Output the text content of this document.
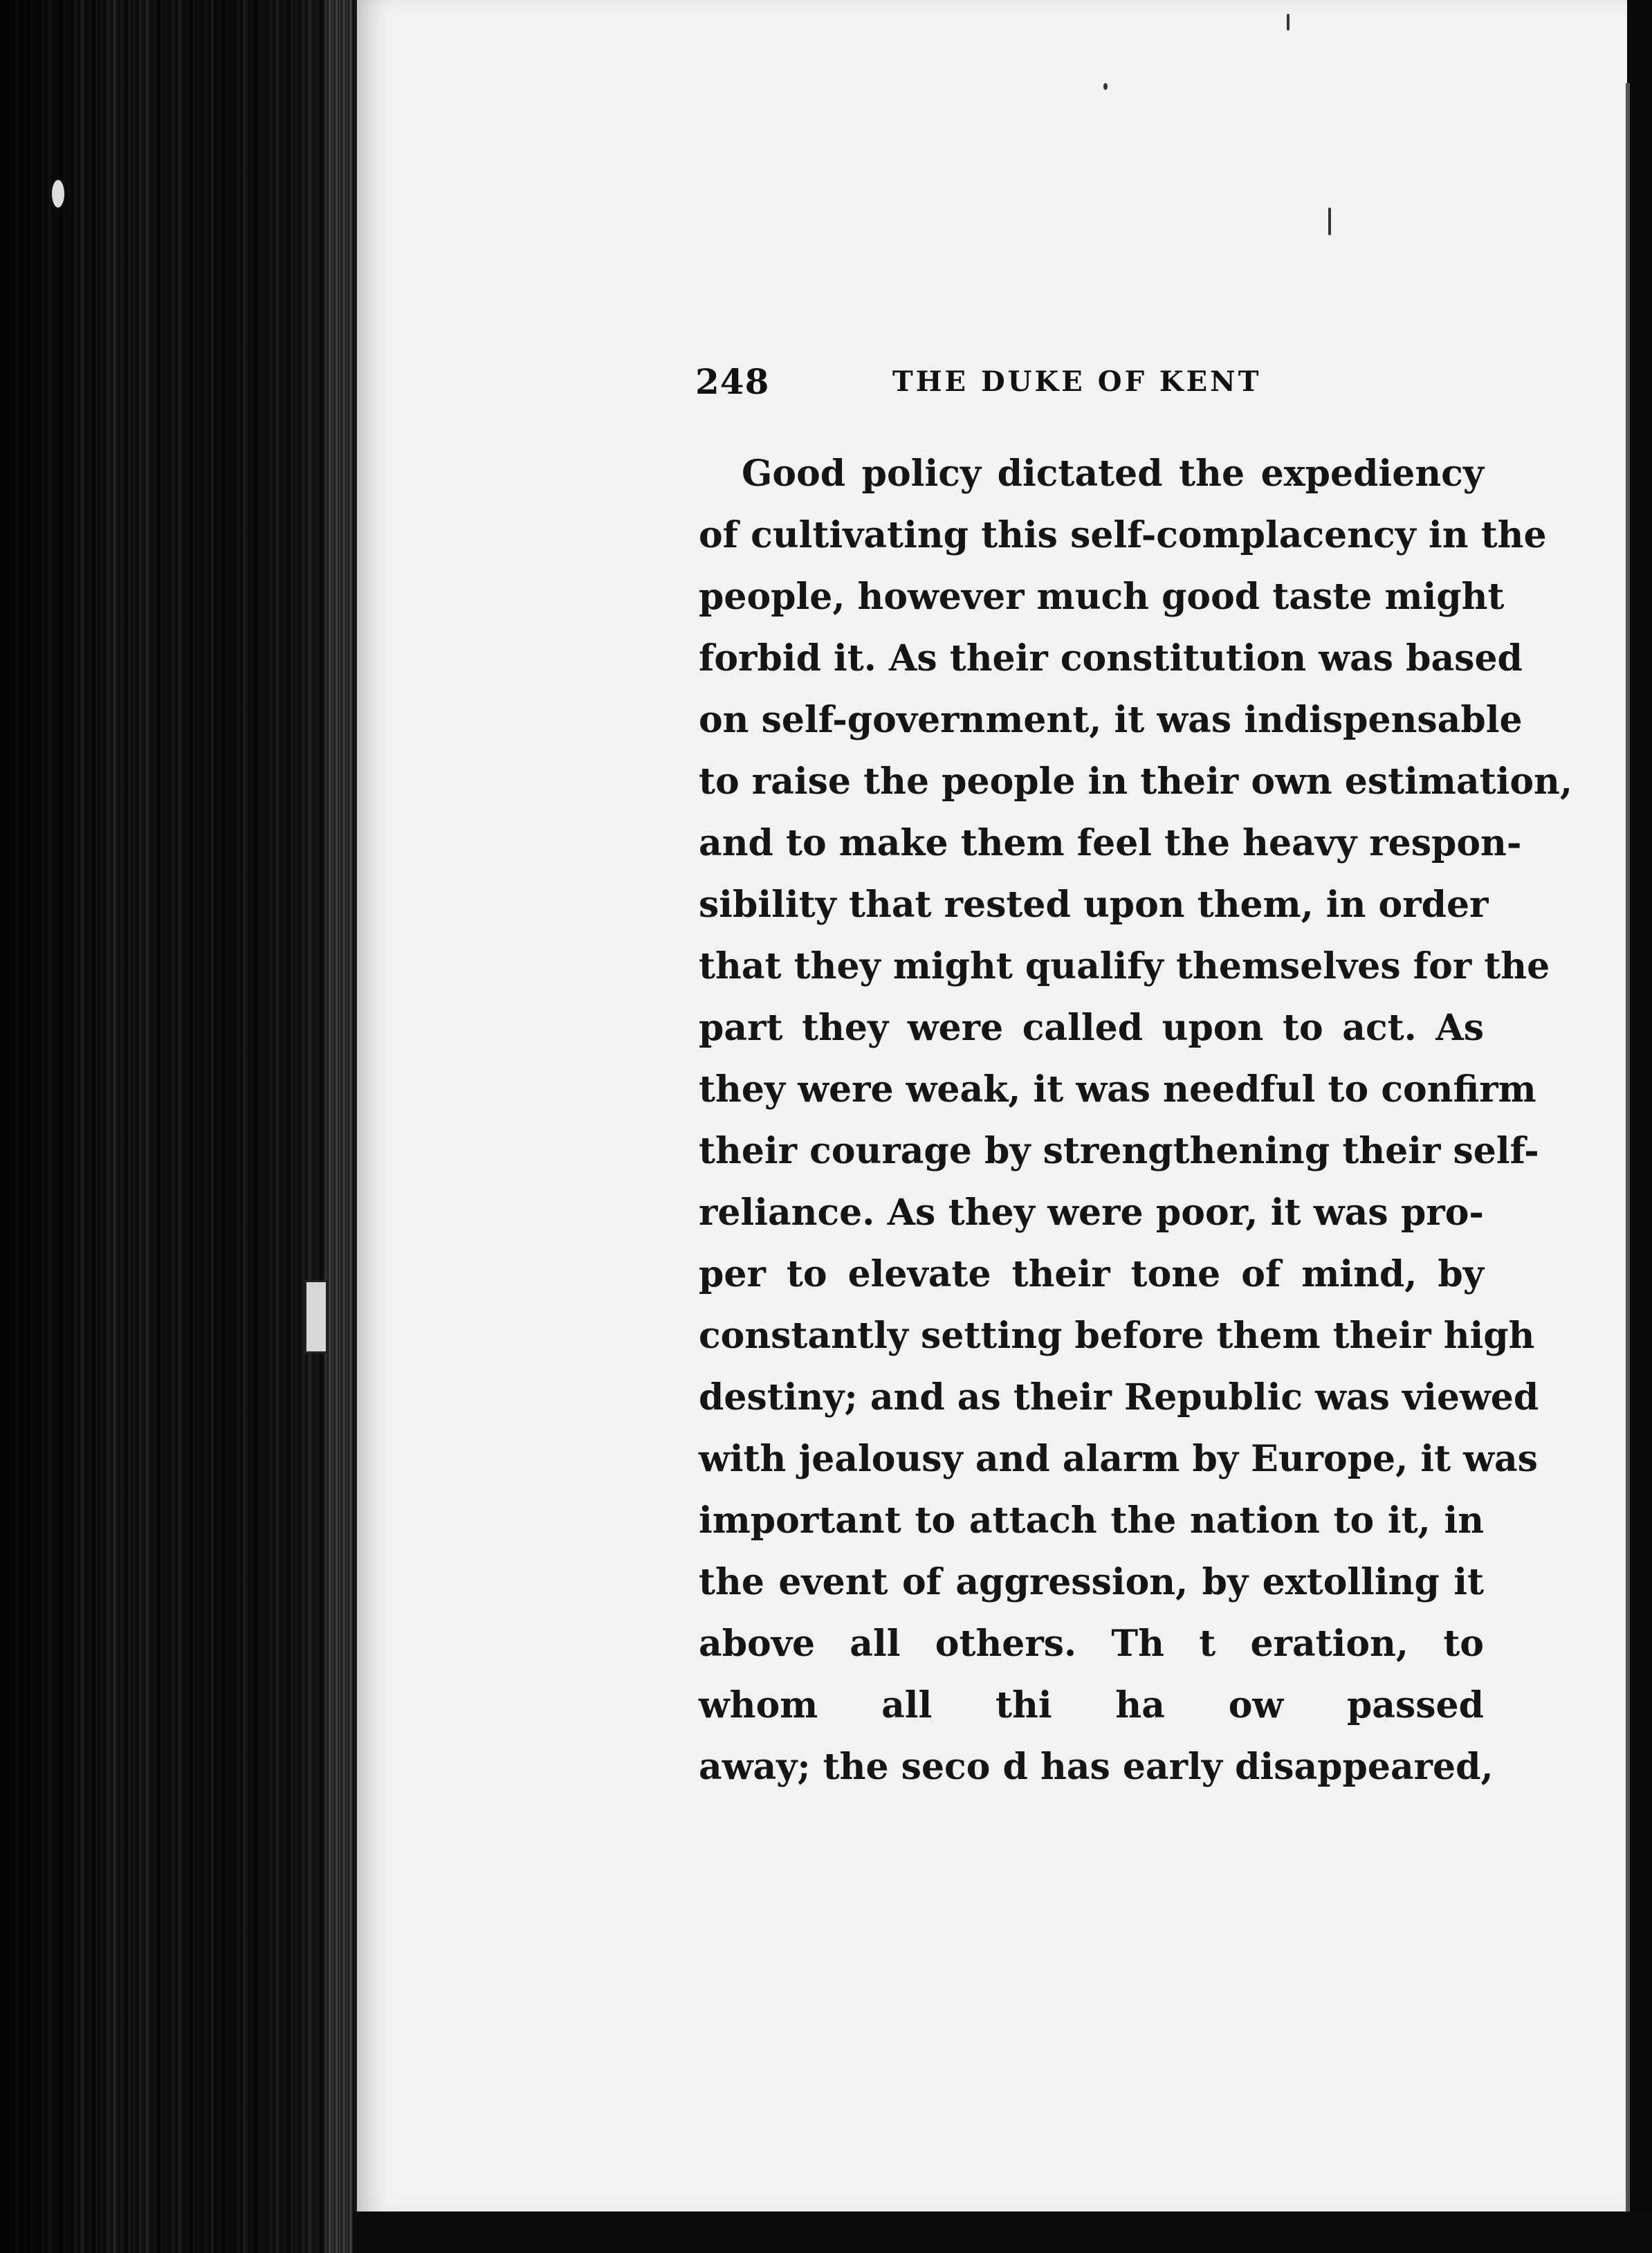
248	THE DUKE OF KENT
Good policy dictated the expediency
of cultivating this self-complacency in the
people, however much good taste might
forbid it. As their constitution was based
on self-government, it was indispensable
to raise the people in their own estimation,
and to make them feel the heavy respon-
sibility that rested upon them, in order
that they might qualify themselves for the
part they were called upon to act. As
they were weak, it was needful to confirm
their courage by strengthening their self-
reliance. As they were poor, it was pro-
per to elevate their tone of mind, by
constantly setting before them their high
destiny; and as their Republic was viewed
with jealousy and alarm by Europe, it was
important to attach the nation to it, in
the event of aggression, by extolling it
above all others. Th t eration, to
whom all thi ha ow passed
away; the seco d has early disappeared,
